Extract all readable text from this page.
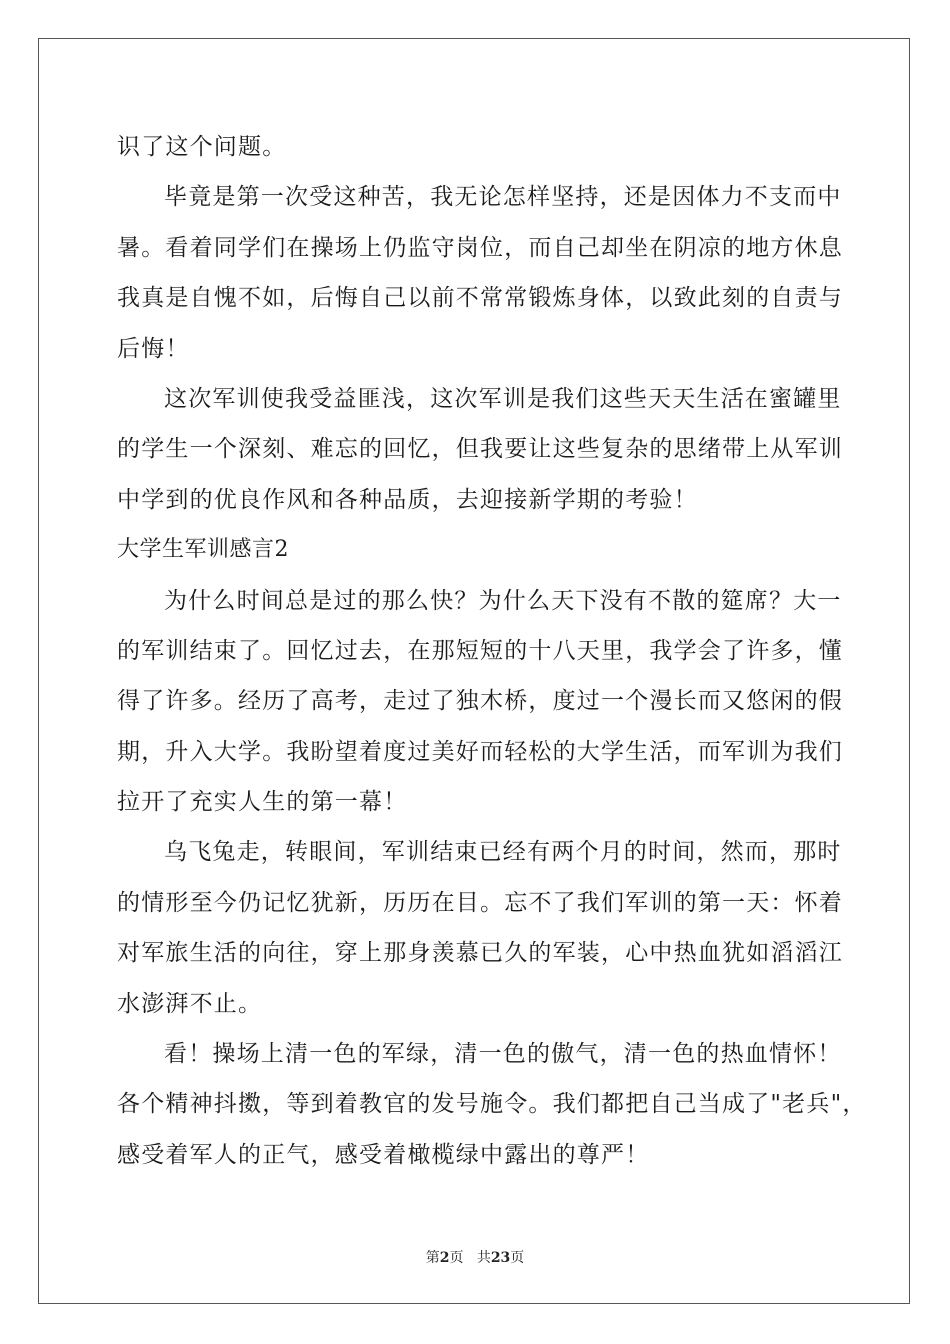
识了这个问题。
毕竟是第一次受这种苦，我无论怎样坚持，还是因体力不支而中
暑。看着同学们在操场上仍监守岗位，而自己却坐在阴凉的地方休息
我真是自愧不如，后悔自己以前不常常锻炼身体，以致此刻的自责与
后悔！
这次军训使我受益匪浅，这次军训是我们这些天天生活在蜜罐里
的学生一个深刻、难忘的回忆，但我要让这些复杂的思绪带上从军训
中学到的优良作风和各种品质，去迎接新学期的考验！
大学生军训感言2
为什么时间总是过的那么快？为什么天下没有不散的筵席？大一
的军训结束了。回忆过去，在那短短的十八天里，我学会了许多，懂
得了许多。经历了高考，走过了独木桥，度过一个漫长而又悠闲的假
期，升入大学。我盼望着度过美好而轻松的大学生活，而军训为我们
拉开了充实人生的第一幕！
乌飞兔走，转眼间，军训结束已经有两个月的时间，然而，那时
的情形至今仍记忆犹新，历历在目。忘不了我们军训的第一天：怀着
对军旅生活的向往，穿上那身羡慕已久的军装，心中热血犹如滔滔江
水澎湃不止。
看！操场上清一色的军绿，清一色的傲气，清一色的热血情怀！
各个精神抖擞，等到着教官的发号施令。我们都把自己当成了"老兵"，
感受着军人的正气，感受着橄榄绿中露出的尊严！
第2页 共23页
